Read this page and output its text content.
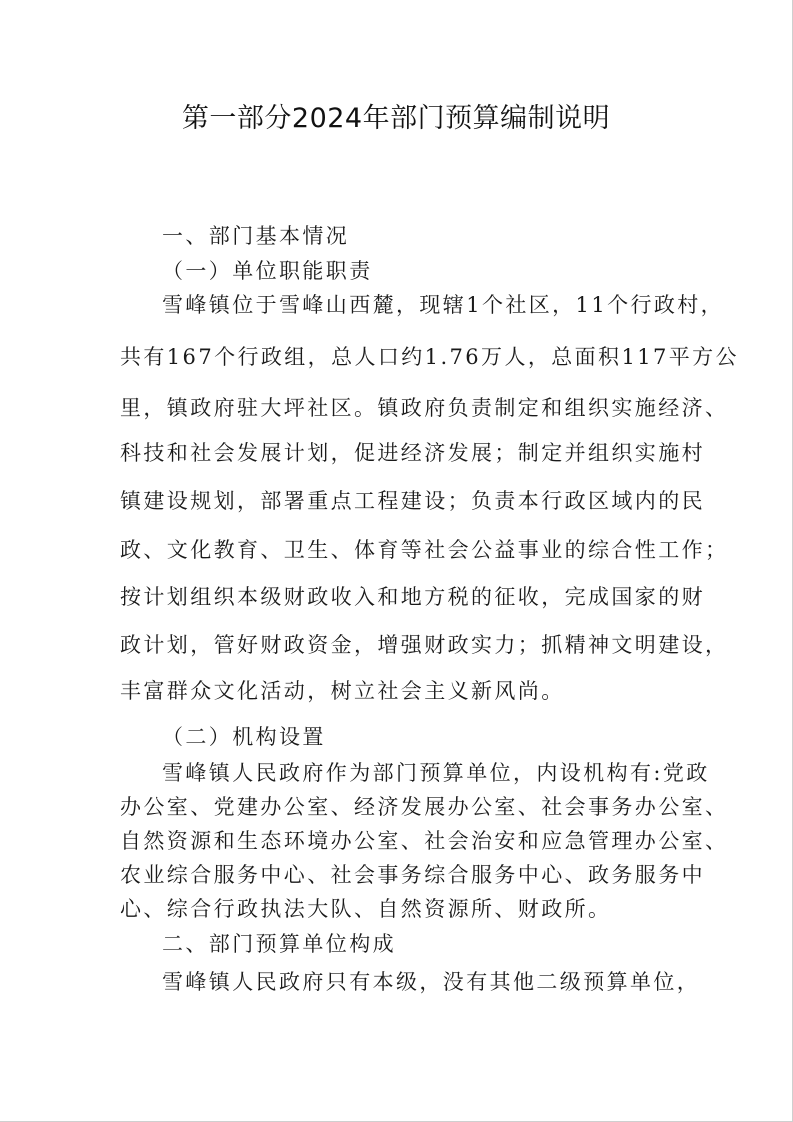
第一部分2024年部门预算编制说明
一、部门基本情况
（一）单位职能职责
雪峰镇位于雪峰山西麓，现辖1个社区，11个行政村，
共有167个行政组，总人口约1.76万人，总面积117平方公
里，镇政府驻大坪社区。镇政府负责制定和组织实施经济、
科技和社会发展计划，促进经济发展；制定并组织实施村
镇建设规划，部署重点工程建设；负责本行政区域内的民
政、文化教育、卫生、体育等社会公益事业的综合性工作；
按计划组织本级财政收入和地方税的征收，完成国家的财
政计划，管好财政资金，增强财政实力；抓精神文明建设，
丰富群众文化活动，树立社会主义新风尚。
（二）机构设置
雪峰镇人民政府作为部门预算单位，内设机构有:党政
办公室、党建办公室、经济发展办公室、社会事务办公室、
自然资源和生态环境办公室、社会治安和应急管理办公室、
农业综合服务中心、社会事务综合服务中心、政务服务中
心、综合行政执法大队、自然资源所、财政所。
二、部门预算单位构成
雪峰镇人民政府只有本级，没有其他二级预算单位，
